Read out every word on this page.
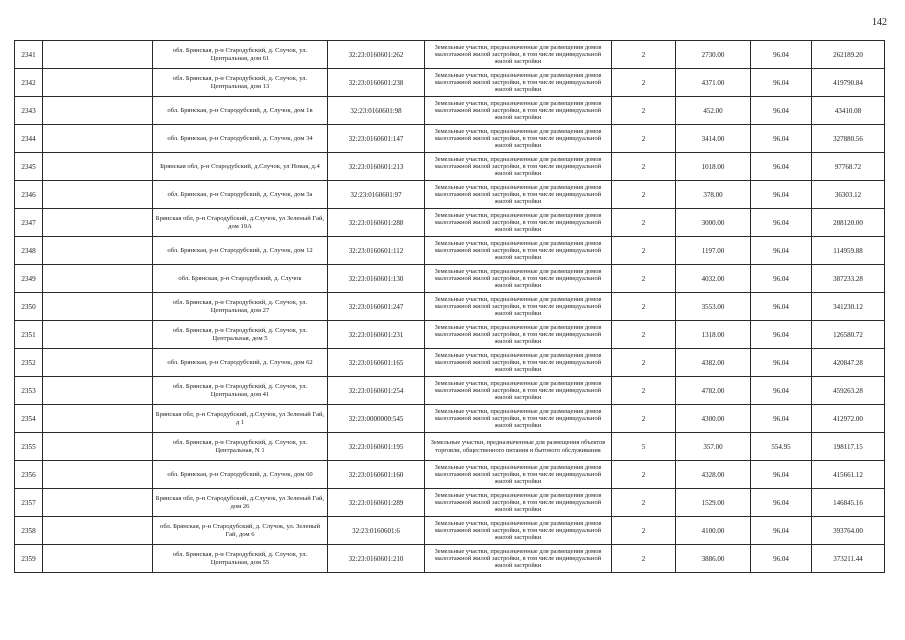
142
2341		обл. Брянская, р-н Стародубский, д. Случок, ул. Центральная, дом 61	32:23:0160601:262	Земельные участки, предназначенные для размещения домов малоэтажной жилой застройки, в том числе индивидуальной жилой застройки	2	2730.00	96.04	262189.20
2342		обл. Брянская, р-н Стародубский, д. Случок, ул. Центральная, дом 13	32:23:0160601:238	Земельные участки, предназначенные для размещения домов малоэтажной жилой застройки, в том числе индивидуальной жилой застройки	2	4371.00	96.04	419790.84
2343		обл. Брянская, р-н Стародубский, д. Случок, дом 1в	32:23:0160601:98	Земельные участки, предназначенные для размещения домов малоэтажной жилой застройки, в том числе индивидуальной жилой застройки	2	452.00	96.04	43410.08
2344		обл. Брянская, р-н Стародубский, д. Случок, дом 34	32:23:0160601:147	Земельные участки, предназначенные для размещения домов малоэтажной жилой застройки, в том числе индивидуальной жилой застройки	2	3414.00	96.04	327880.56
2345		Брянская обл, р-н Стародубский, д.Случок, ул Новая, д.4	32:23:0160601:213	Земельные участки, предназначенные для размещения домов малоэтажной жилой застройки, в том числе индивидуальной жилой застройки	2	1018.00	96.04	97768.72
2346		обл. Брянская, р-н Стародубский, д. Случок, дом 3а	32:23:0160601:97	Земельные участки, предназначенные для размещения домов малоэтажной жилой застройки, в том числе индивидуальной жилой застройки	2	378.00	96.04	36303.12
2347		Брянская обл, р-н Стародубский, д.Случок, ул Зеленый Гай, дом 19А	32:23:0160601:288	Земельные участки, предназначенные для размещения домов малоэтажной жилой застройки, в том числе индивидуальной жилой застройки	2	3000.00	96.04	288120.00
2348		обл. Брянская, р-н Стародубский, д. Случок, дом 12	32:23:0160601:112	Земельные участки, предназначенные для размещения домов малоэтажной жилой застройки, в том числе индивидуальной жилой застройки	2	1197.00	96.04	114959.88
2349		обл. Брянская, р-н Стародубский, д. Случок	32:23:0160601:130	Земельные участки, предназначенные для размещения домов малоэтажной жилой застройки, в том числе индивидуальной жилой застройки	2	4032.00	96.04	387233.28
2350		обл. Брянская, р-н Стародубский, д. Случок, ул. Центральная, дом 27	32:23:0160601:247	Земельные участки, предназначенные для размещения домов малоэтажной жилой застройки, в том числе индивидуальной жилой застройки	2	3553.00	96.04	341230.12
2351		обл. Брянская, р-н Стародубский, д. Случок, ул. Центральная, дом 5	32:23:0160601:231	Земельные участки, предназначенные для размещения домов малоэтажной жилой застройки, в том числе индивидуальной жилой застройки	2	1318.00	96.04	126580.72
2352		обл. Брянская, р-н Стародубский, д. Случок, дом 62	32:23:0160601:165	Земельные участки, предназначенные для размещения домов малоэтажной жилой застройки, в том числе индивидуальной жилой застройки	2	4382.00	96.04	420847.28
2353		обл. Брянская, р-н Стародубский, д. Случок, ул. Центральная, дом 41	32:23:0160601:254	Земельные участки, предназначенные для размещения домов малоэтажной жилой застройки, в том числе индивидуальной жилой застройки	2	4782.00	96.04	459263.28
2354		Брянская обл, р-н Стародубский, д.Случок, ул Зеленый Гай, д 1	32:23:0000000:545	Земельные участки, предназначенные для размещения домов малоэтажной жилой застройки, в том числе индивидуальной жилой застройки	2	4300.00	96.04	412972.00
2355		обл. Брянская, р-н Стародубский, д. Случок, ул. Центральная, N 1	32:23:0160601:195	Земельные участки, предназначенные для размещения объектов торговли, общественного питания и бытового обслуживания	5	357.00	554.95	198117.15
2356		обл. Брянская, р-н Стародубский, д. Случок, дом 60	32:23:0160601:160	Земельные участки, предназначенные для размещения домов малоэтажной жилой застройки, в том числе индивидуальной жилой застройки	2	4328.00	96.04	415661.12
2357		Брянская обл, р-н Стародубский, д.Случок, ул Зеленый Гай, дом 26	32:23:0160601:289	Земельные участки, предназначенные для размещения домов малоэтажной жилой застройки, в том числе индивидуальной жилой застройки	2	1529.00	96.04	146845.16
2358		обл. Брянская, р-н Стародубский, д. Случок, ул. Зеленый Гай, дом 6	32:23:0160601:6	Земельные участки, предназначенные для размещения домов малоэтажной жилой застройки, в том числе индивидуальной жилой застройки	2	4100.00	96.04	393764.00
2359		обл. Брянская, р-н Стародубский, д. Случок, ул. Центральная, дом 55	32:23:0160601:210	Земельные участки, предназначенные для размещения домов малоэтажной жилой застройки, в том числе индивидуальной жилой застройки	2	3886.00	96.04	373211.44
